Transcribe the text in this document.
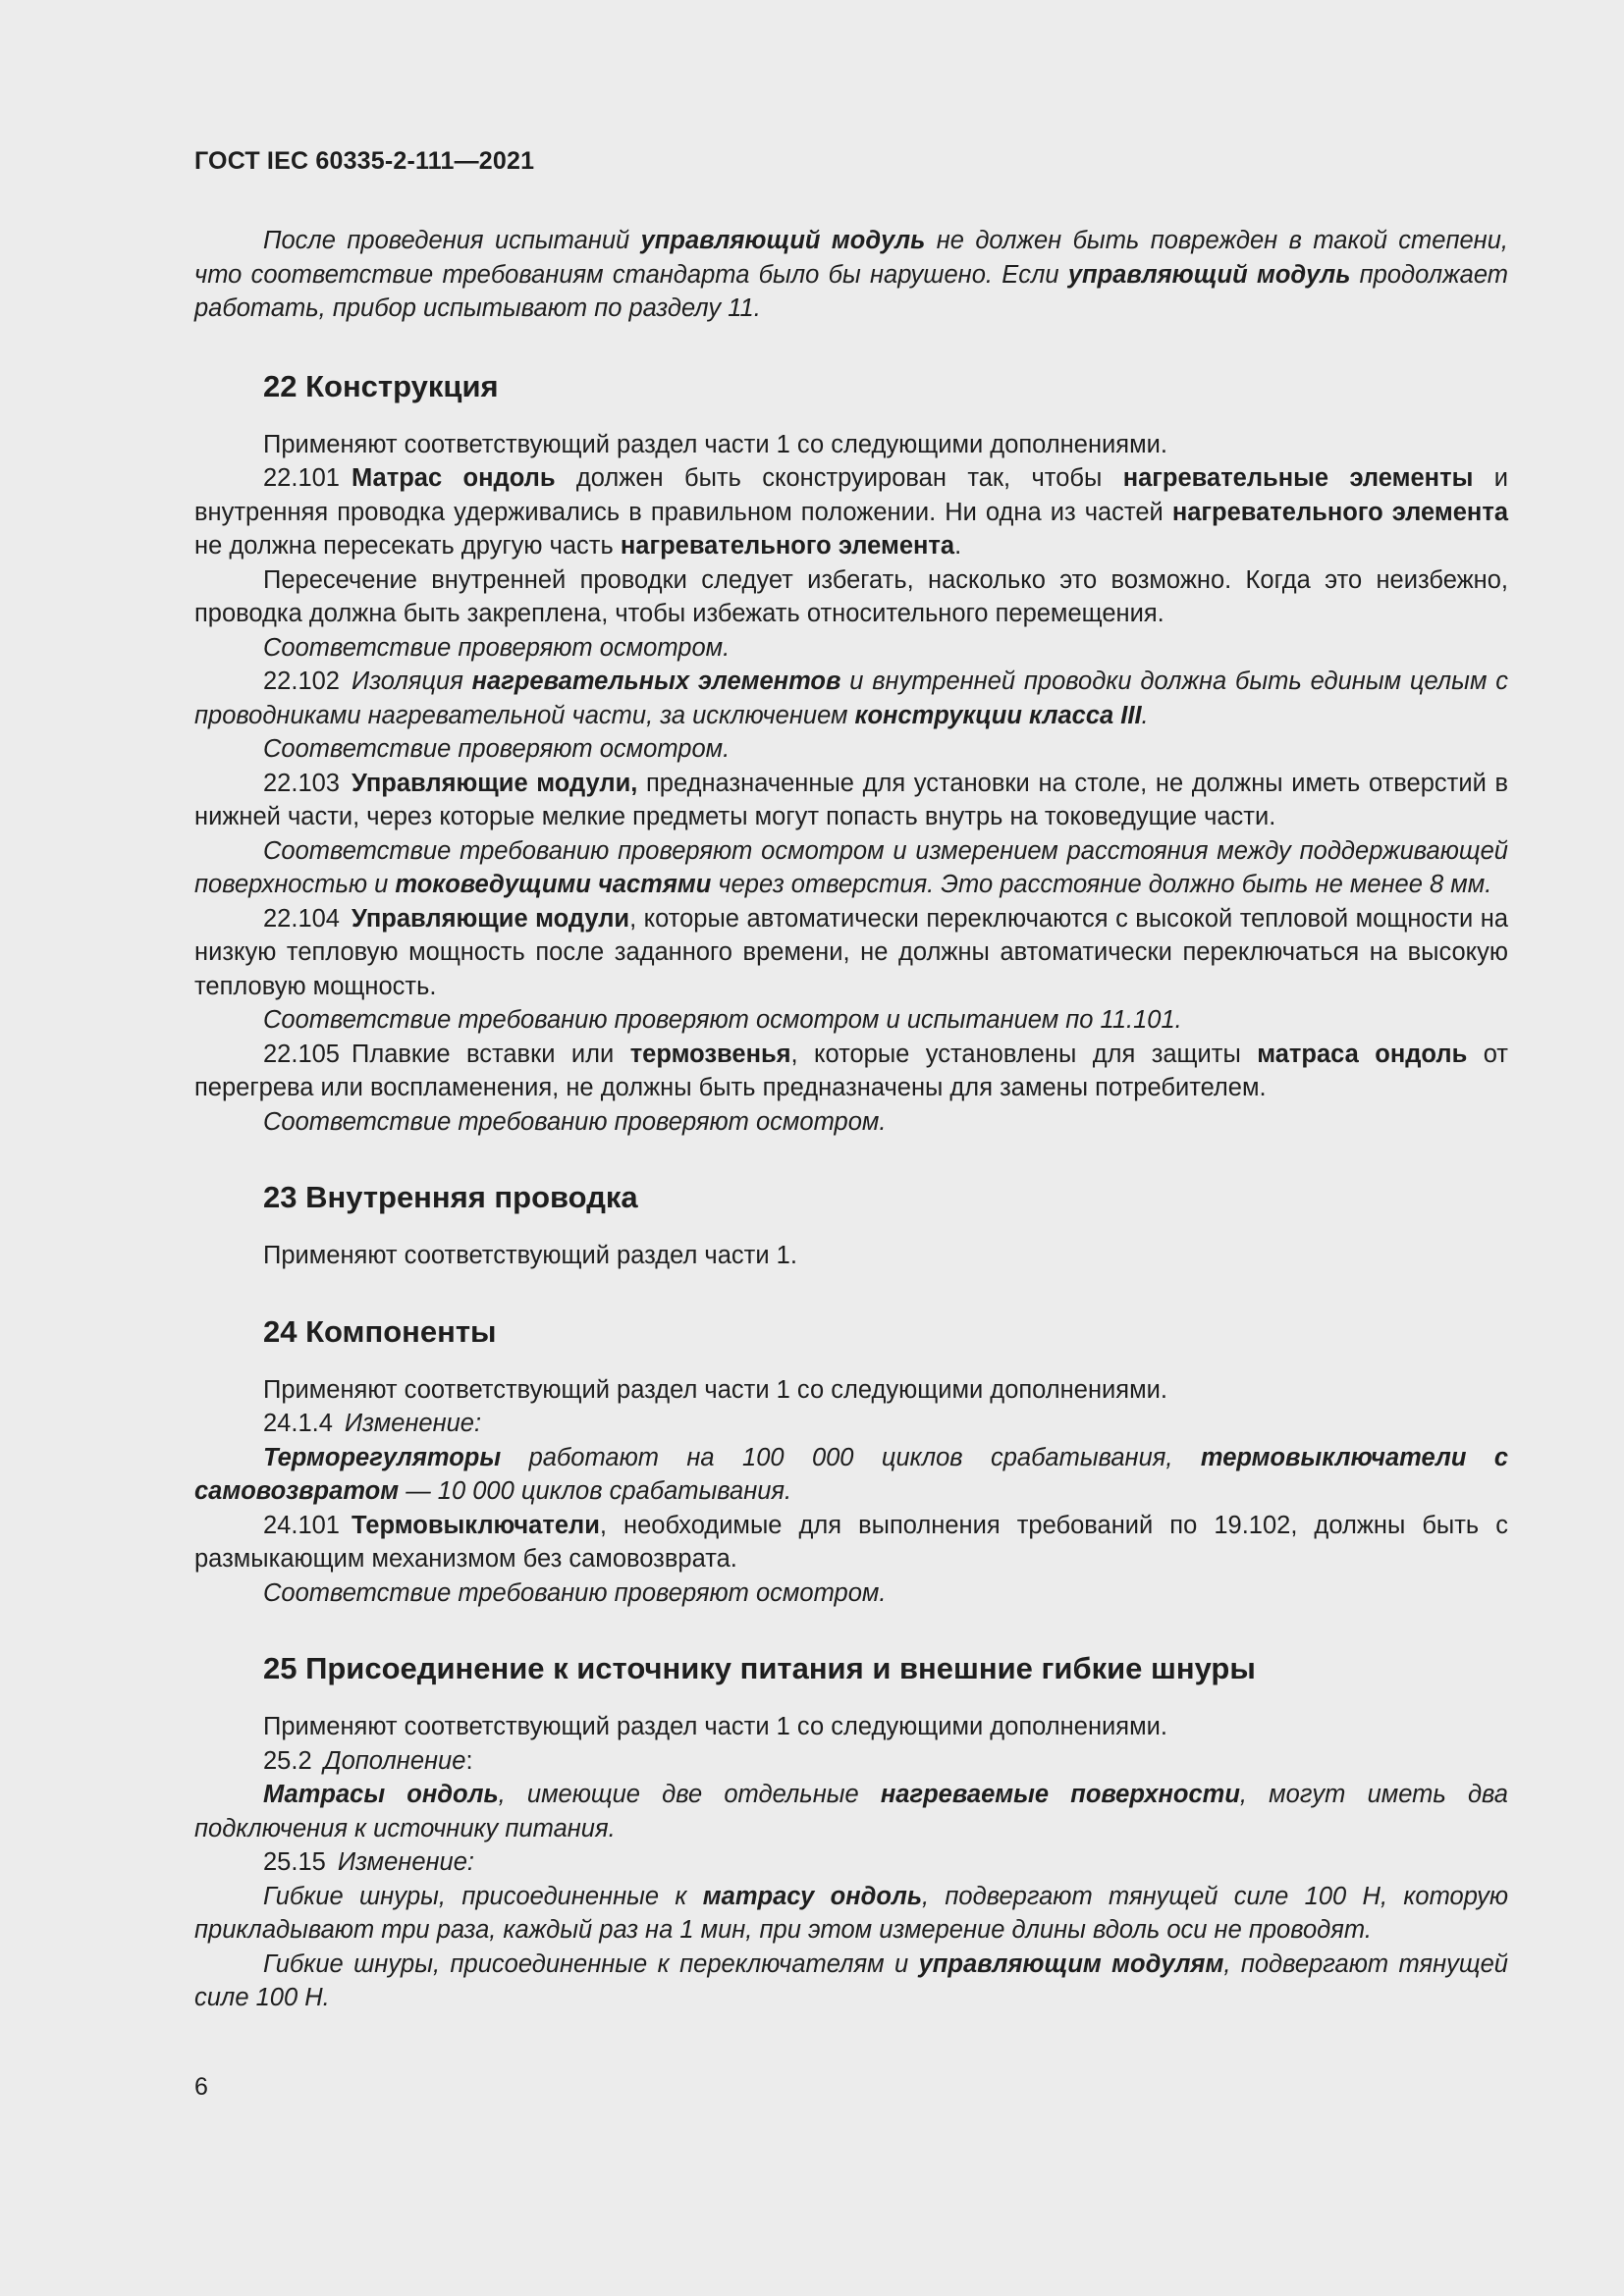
ГОСТ IEC 60335-2-111—2021

После проведения испытаний управляющий модуль не должен быть поврежден в такой степени, что соответствие требованиям стандарта было бы нарушено. Если управляющий модуль продолжает работать, прибор испытывают по разделу 11.

22 Конструкция

Применяют соответствующий раздел части 1 со следующими дополнениями.

22.101 Матрас ондоль должен быть сконструирован так, чтобы нагревательные элементы и внутренняя проводка удерживались в правильном положении. Ни одна из частей нагревательного элемента не должна пересекать другую часть нагревательного элемента.

Пересечение внутренней проводки следует избегать, насколько это возможно. Когда это неизбежно, проводка должна быть закреплена, чтобы избежать относительного перемещения.

Соответствие проверяют осмотром.

22.102 Изоляция нагревательных элементов и внутренней проводки должна быть единым целым с проводниками нагревательной части, за исключением конструкции класса III.

Соответствие проверяют осмотром.

22.103 Управляющие модули, предназначенные для установки на столе, не должны иметь отверстий в нижней части, через которые мелкие предметы могут попасть внутрь на токоведущие части.

Соответствие требованию проверяют осмотром и измерением расстояния между поддерживающей поверхностью и токоведущими частями через отверстия. Это расстояние должно быть не менее 8 мм.

22.104 Управляющие модули, которые автоматически переключаются с высокой тепловой мощности на низкую тепловую мощность после заданного времени, не должны автоматически переключаться на высокую тепловую мощность.

Соответствие требованию проверяют осмотром и испытанием по 11.101.

22.105 Плавкие вставки или термозвенья, которые установлены для защиты матраса ондоль от перегрева или воспламенения, не должны быть предназначены для замены потребителем.

Соответствие требованию проверяют осмотром.

23 Внутренняя проводка

Применяют соответствующий раздел части 1.

24 Компоненты

Применяют соответствующий раздел части 1 со следующими дополнениями.

24.1.4 Изменение:

Терморегуляторы работают на 100 000 циклов срабатывания, термовыключатели с самовозвратом — 10 000 циклов срабатывания.

24.101 Термовыключатели, необходимые для выполнения требований по 19.102, должны быть с размыкающим механизмом без самовозврата.

Соответствие требованию проверяют осмотром.

25 Присоединение к источнику питания и внешние гибкие шнуры

Применяют соответствующий раздел части 1 со следующими дополнениями.

25.2 Дополнение:

Матрасы ондоль, имеющие две отдельные нагреваемые поверхности, могут иметь два подключения к источнику питания.

25.15 Изменение:

Гибкие шнуры, присоединенные к матрасу ондоль, подвергают тянущей силе 100 Н, которую прикладывают три раза, каждый раз на 1 мин, при этом измерение длины вдоль оси не проводят.

Гибкие шнуры, присоединенные к переключателям и управляющим модулям, подвергают тянущей силе 100 Н.

6
